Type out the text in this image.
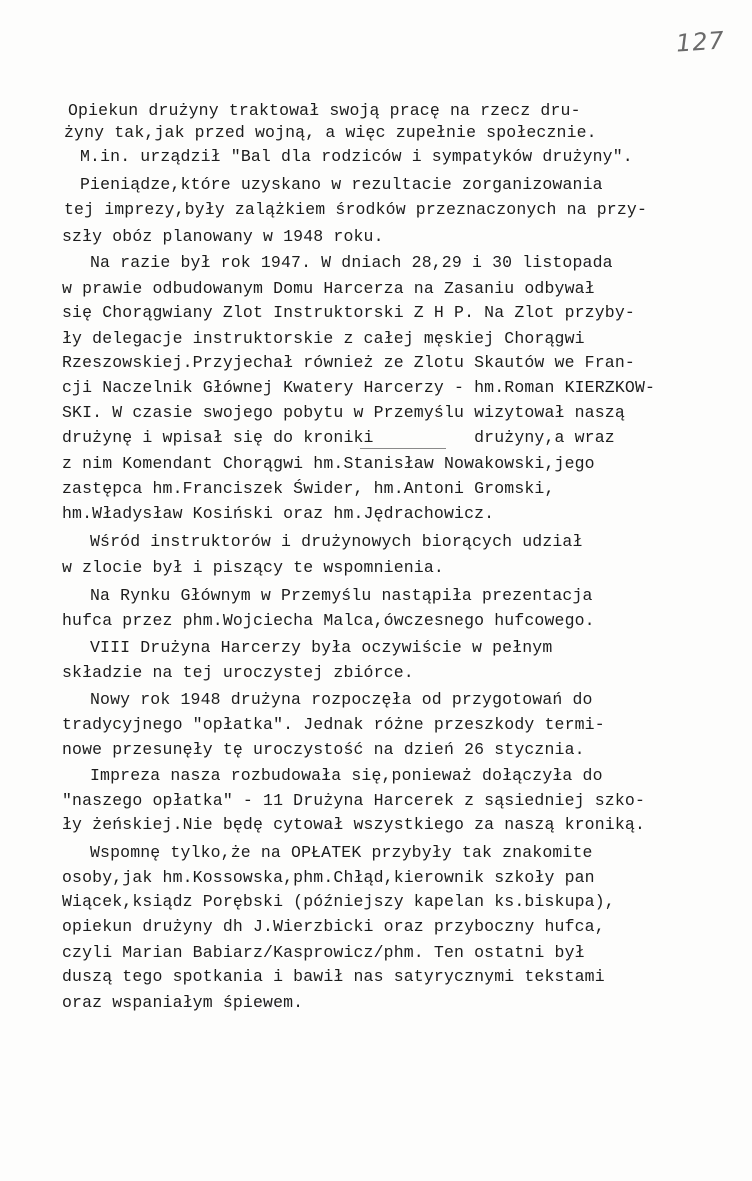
127

Opiekun drużyny traktował swoją pracę na rzecz dru-

żyny tak,jak przed wojną, a więc zupełnie społecznie.

M.in. urządził "Bal dla rodziców i sympatyków drużyny".

Pieniądze,które uzyskano w rezultacie zorganizowania

tej imprezy,były zalążkiem środków przeznaczonych na przy-

szły obóz planowany w 1948 roku.

Na razie był rok 1947. W dniach 28,29 i 30 listopada

w prawie odbudowanym Domu Harcerza na Zasaniu odbywał

się Chorągwiany Zlot Instruktorski Z H P. Na Zlot przyby-

ły delegacje instruktorskie z całej męskiej Chorągwi

Rzeszowskiej.Przyjechał również ze Zlotu Skautów we Fran-

cji Naczelnik Głównej Kwatery Harcerzy - hm.Roman KIERZKOW-

SKI. W czasie swojego pobytu w Przemyślu wizytował naszą

drużynę i wpisał się do kroniki          drużyny,a wraz

z nim Komendant Chorągwi hm.Stanisław Nowakowski,jego

zastępca hm.Franciszek Świder, hm.Antoni Gromski,

hm.Władysław Kosiński oraz hm.Jędrachowicz.

Wśród instruktorów i drużynowych biorących udział

w zlocie był i piszący te wspomnienia.

Na Rynku Głównym w Przemyślu nastąpiła prezentacja

hufca przez phm.Wojciecha Malca,ówczesnego hufcowego.

VIII Drużyna Harcerzy była oczywiście w pełnym

składzie na tej uroczystej zbiórce.

Nowy rok 1948 drużyna rozpoczęła od przygotowań do

tradycyjnego "opłatka". Jednak różne przeszkody termi-

nowe przesunęły tę uroczystość na dzień 26 stycznia.

Impreza nasza rozbudowała się,ponieważ dołączyła do

"naszego opłatka" - 11 Drużyna Harcerek z sąsiedniej szko-

ły żeńskiej.Nie będę cytował wszystkiego za naszą kroniką.

Wspomnę tylko,że na OPŁATEK przybyły tak znakomite

osoby,jak hm.Kossowska,phm.Chłąd,kierownik szkoły pan

Wiącek,ksiądz Porębski (późniejszy kapelan ks.biskupa),

opiekun drużyny dh J.Wierzbicki oraz przyboczny hufca,

czyli Marian Babiarz/Kasprowicz/phm. Ten ostatni był

duszą tego spotkania i bawił nas satyrycznymi tekstami

oraz wspaniałym śpiewem.
